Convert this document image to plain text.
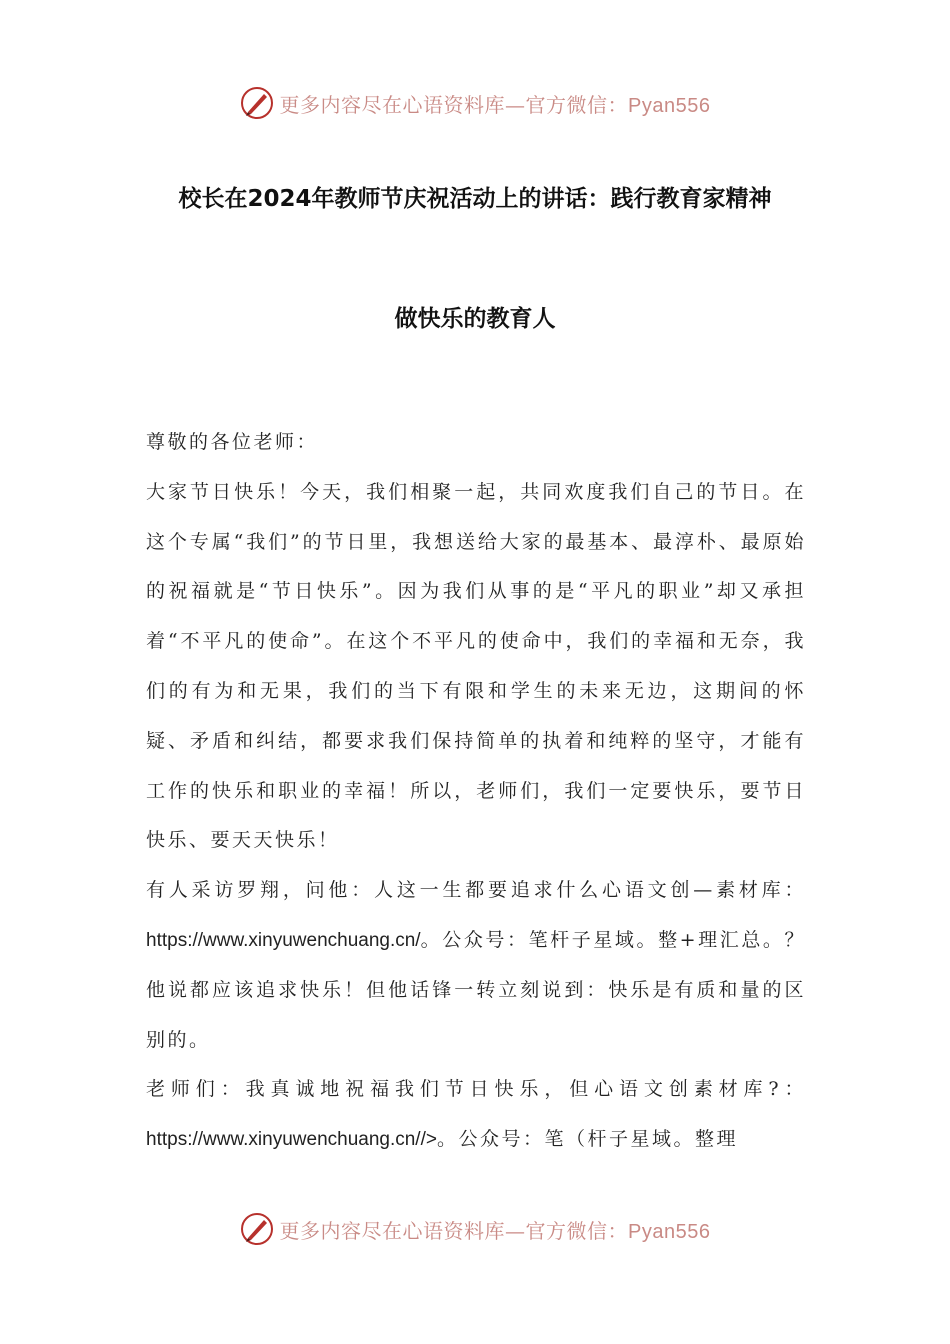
更多内容尽在心语资料库—官方微信：Pyan556
校长在2024年教师节庆祝活动上的讲话：践行教育家精神
做快乐的教育人

尊敬的各位老师：

大家节日快乐！今天，我们相聚一起，共同欢度我们自己的节日。在这个专属“我们”的节日里，我想送给大家的最基本、最淳朴、最原始的祝福就是“节日快乐”。因为我们从事的是“平凡的职业”却又承担着“不平凡的使命”。在这个不平凡的使命中，我们的幸福和无奈，我们的有为和无果，我们的当下有限和学生的未来无边，这期间的怀疑、矛盾和纠结，都要求我们保持简单的执着和纯粹的坚守，才能有工作的快乐和职业的幸福！所以，老师们，我们一定要快乐，要节日快乐、要天天快乐！

有人采访罗翔，问他：人这一生都要追求什么心语文创—素材库：https://www.xinyuwenchuang.cn/。公众号：笔杆子星域。整+理汇总。？他说都应该追求快乐！但他话锋一转立刻说到：快乐是有质和量的区别的。

老师们：我真诚地祝福我们节日快乐，但心语文创素材库?：https://www.xinyuwenchuang.cn//>。公众号：笔（杆子星域。整理

更多内容尽在心语资料库—官方微信：Pyan556
